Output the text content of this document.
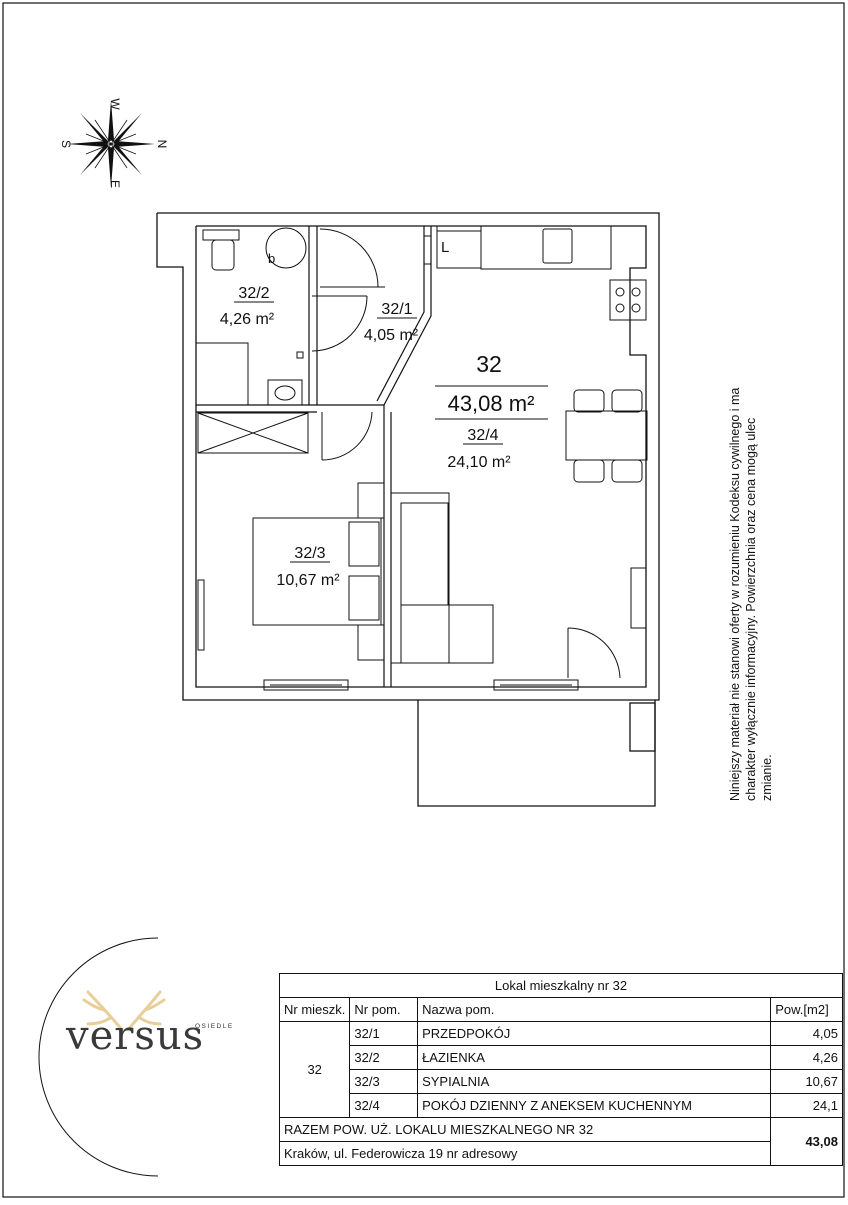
W
N
E
S
b
L
32/2
4,26 m²
32/1
4,05 m²
32
43,08 m²
32/4
24,10 m²
32/3
10,67 m²	Niniejszy materiał nie stanowi oferty w rozumieniu Kodeksu cywilnego i ma charakter wyłącznie informacyjny. Powierzchnia oraz cena mogą ulec zmianie.
OSIEDLE
versus
Lokal mieszkalny nr 32			
Nr mieszk.	Nr pom.	Nazwa pom.	Pow.[m2]
32	32/1	PRZEDPOKÓJ	4,05
	32/2	ŁAZIENKA	4,26
	32/3	SYPIALNIA	10,67
	32/4	POKÓJ DZIENNY Z ANEKSEM KUCHENNYM	24,1
RAZEM POW. UŻ. LOKALU MIESZKALNEGO NR 32			43,08
Kraków, ul. Federowicza 19 nr adresowy			
